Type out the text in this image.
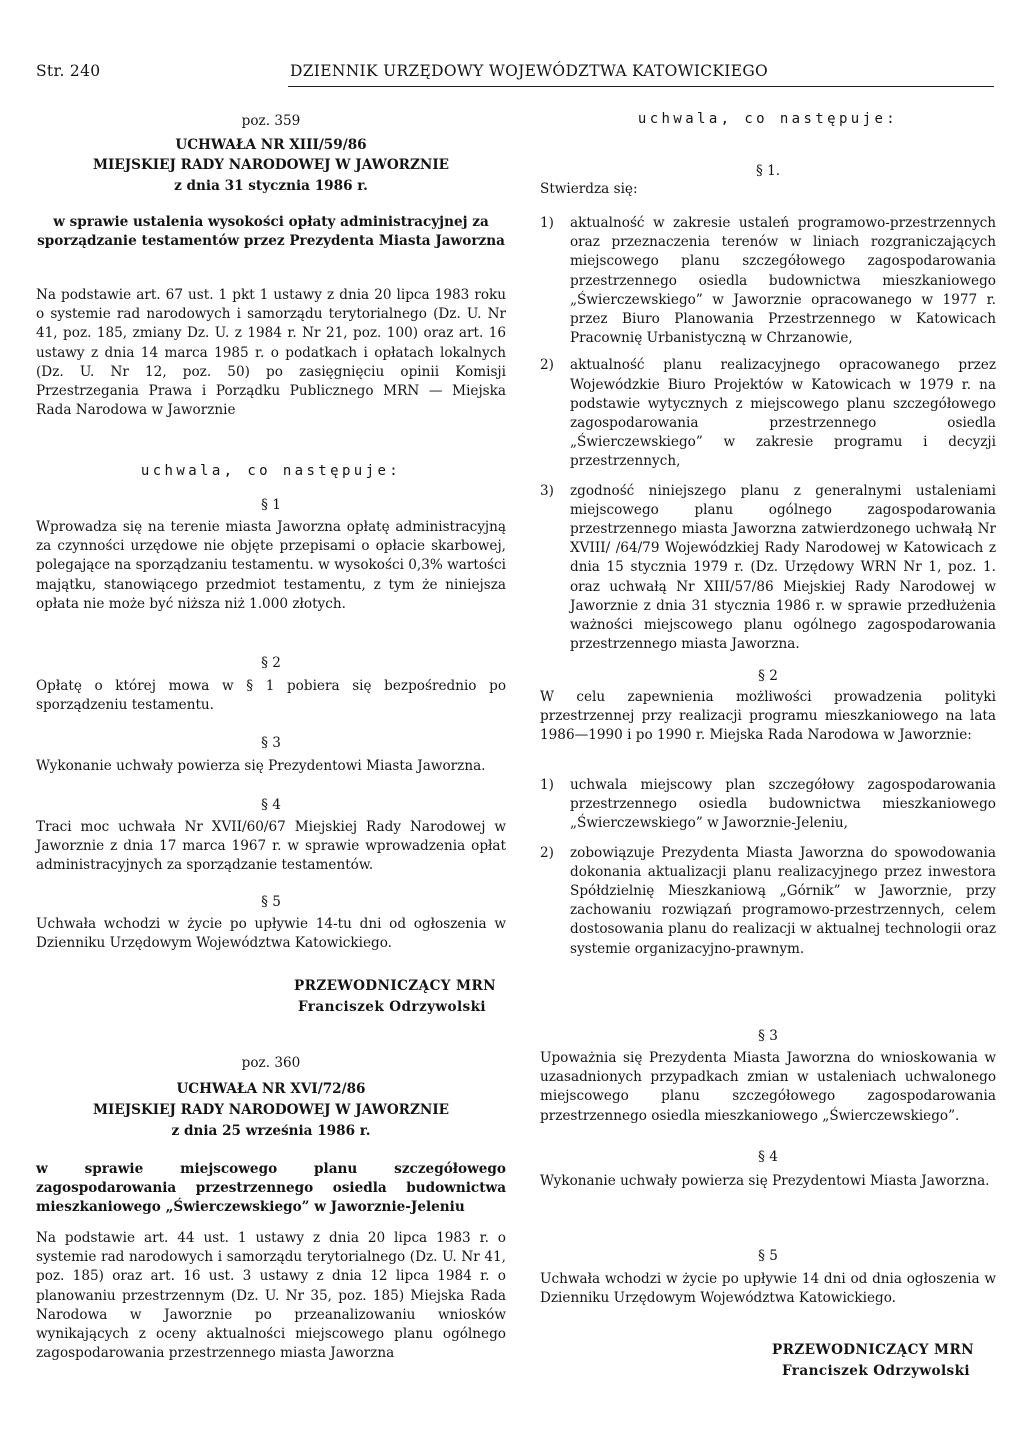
Str. 240	DZIENNIK URZĘDOWY WOJEWÓDZTWA KATOWICKIEGO

poz. 359

UCHWAŁA NR XIII/59/86

MIEJSKIEJ RADY NARODOWEJ W JAWORZNIE

z dnia 31 stycznia 1986 r.

w sprawie ustalenia wysokości opłaty administracyjnej za sporządzanie testamentów przez Prezydenta Miasta Jaworzna

Na podstawie art. 67 ust. 1 pkt 1 ustawy z dnia 20 lipca 1983 roku o systemie rad narodowych i samorządu terytorialnego (Dz. U. Nr 41, poz. 185, zmiany Dz. U. z 1984 r. Nr 21, poz. 100) oraz art. 16 ustawy z dnia 14 marca 1985 r. o podatkach i opłatach lokalnych (Dz. U. Nr 12, poz. 50) po zasięgnięciu opinii Komisji Przestrzegania Prawa i Porządku Publicznego MRN — Miejska Rada Narodowa w Jaworznie

uchwala, co następuje:

§ 1

Wprowadza się na terenie miasta Jaworzna opłatę administracyjną za czynności urzędowe nie objęte przepisami o opłacie skarbowej, polegające na sporządzaniu testamentu. w wysokości 0,3% wartości majątku, stanowiącego przedmiot testamentu, z tym że niniejsza opłata nie może być niższa niż 1.000 złotych.

§ 2

Opłatę o której mowa w § 1 pobiera się bezpośrednio po sporządzeniu testamentu.

§ 3

Wykonanie uchwały powierza się Prezydentowi Miasta Jaworzna.

§ 4

Traci moc uchwała Nr XVII/60/67 Miejskiej Rady Narodowej w Jaworznie z dnia 17 marca 1967 r. w sprawie wprowadzenia opłat administracyjnych za sporządzanie testamentów.

§ 5

Uchwała wchodzi w życie po upływie 14-tu dni od ogłoszenia w Dzienniku Urzędowym Województwa Katowickiego.

PRZEWODNICZĄCY MRN

Franciszek Odrzywolski

poz. 360

UCHWAŁA NR XVI/72/86

MIEJSKIEJ RADY NARODOWEJ W JAWORZNIE

z dnia 25 września 1986 r.

w sprawie miejscowego planu szczegółowego zagospodarowania przestrzennego osiedla budownictwa mieszkaniowego „Świerczewskiego” w Jaworznie-Jeleniu

Na podstawie art. 44 ust. 1 ustawy z dnia 20 lipca 1983 r. o systemie rad narodowych i samorządu terytorialnego (Dz. U. Nr 41, poz. 185) oraz art. 16 ust. 3 ustawy z dnia 12 lipca 1984 r. o planowaniu przestrzennym (Dz. U. Nr 35, poz. 185) Miejska Rada Narodowa w Jaworznie po przeanalizowaniu wniosków wynikających z oceny aktualności miejscowego planu ogólnego zagospodarowania przestrzennego miasta Jaworzna

uchwala, co następuje:

§ 1.

Stwierdza się:

1) aktualność w zakresie ustaleń programowo-przestrzennych oraz przeznaczenia terenów w liniach rozgraniczających miejscowego planu szczegółowego zagospodarowania przestrzennego osiedla budownictwa mieszkaniowego „Świerczewskiego” w Jaworznie opracowanego w 1977 r. przez Biuro Planowania Przestrzennego w Katowicach Pracownię Urbanistyczną w Chrzanowie,
2) aktualność planu realizacyjnego opracowanego przez Wojewódzkie Biuro Projektów w Katowicach w 1979 r. na podstawie wytycznych z miejscowego planu szczegółowego zagospodarowania przestrzennego osiedla „Świerczewskiego” w zakresie programu i decyzji przestrzennych,
3) zgodność niniejszego planu z generalnymi ustaleniami miejscowego planu ogólnego zagospodarowania przestrzennego miasta Jaworzna zatwierdzonego uchwałą Nr XVIII/ /64/79 Wojewódzkiej Rady Narodowej w Katowicach z dnia 15 stycznia 1979 r. (Dz. Urzędowy WRN Nr 1, poz. 1. oraz uchwałą Nr XIII/57/86 Miejskiej Rady Narodowej w Jaworznie z dnia 31 stycznia 1986 r. w sprawie przedłużenia ważności miejscowego planu ogólnego zagospodarowania przestrzennego miasta Jaworzna.

§ 2

W celu zapewnienia możliwości prowadzenia polityki przestrzennej przy realizacji programu mieszkaniowego na lata 1986—1990 i po 1990 r. Miejska Rada Narodowa w Jaworznie:

1) uchwala miejscowy plan szczegółowy zagospodarowania przestrzennego osiedla budownictwa mieszkaniowego „Świerczewskiego” w Jaworznie-Jeleniu,
2) zobowiązuje Prezydenta Miasta Jaworzna do spowodowania dokonania aktualizacji planu realizacyjnego przez inwestora Spółdzielnię Mieszkaniową „Górnik” w Jaworznie, przy zachowaniu rozwiązań programowo-przestrzennych, celem dostosowania planu do realizacji w aktualnej technologii oraz systemie organizacyjno-prawnym.

§ 3

Upoważnia się Prezydenta Miasta Jaworzna do wnioskowania w uzasadnionych przypadkach zmian w ustaleniach uchwalonego miejscowego planu szczegółowego zagospodarowania przestrzennego osiedla mieszkaniowego „Świerczewskiego”.

§ 4

Wykonanie uchwały powierza się Prezydentowi Miasta Jaworzna.

§ 5

Uchwała wchodzi w życie po upływie 14 dni od dnia ogłoszenia w Dzienniku Urzędowym Województwa Katowickiego.

PRZEWODNICZĄCY MRN

Franciszek Odrzywolski
